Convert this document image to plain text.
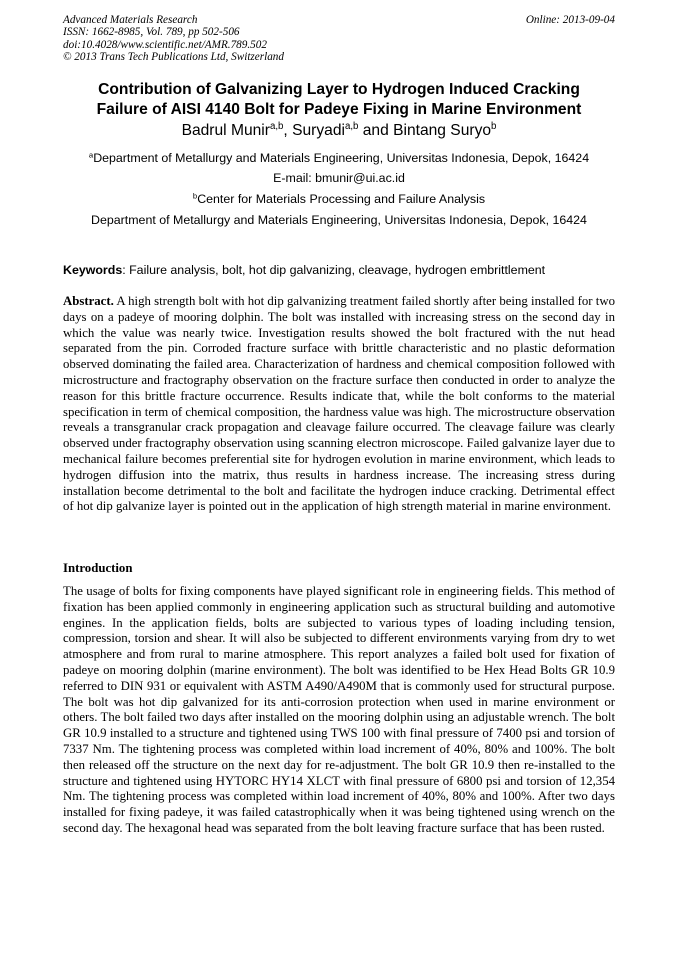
Advanced Materials Research
ISSN: 1662-8985, Vol. 789, pp 502-506
doi:10.4028/www.scientific.net/AMR.789.502
© 2013 Trans Tech Publications Ltd, Switzerland
Online: 2013-09-04
Contribution of Galvanizing Layer to Hydrogen Induced Cracking
Failure of AISI 4140 Bolt for Padeye Fixing in Marine Environment
Badrul Munir$^{a,b}$, Suryadi$^{a,b}$ and Bintang Suryo$^b$
$^a$Department of Metallurgy and Materials Engineering, Universitas Indonesia, Depok, 16424
E-mail: bmunir@ui.ac.id
$^b$Center for Materials Processing and Failure Analysis
Department of Metallurgy and Materials Engineering, Universitas Indonesia, Depok, 16424
Keywords: Failure analysis, bolt, hot dip galvanizing, cleavage, hydrogen embrittlement
Abstract. A high strength bolt with hot dip galvanizing treatment failed shortly after being installed for two days on a padeye of mooring dolphin. The bolt was installed with increasing stress on the second day in which the value was nearly twice. Investigation results showed the bolt fractured with the nut head separated from the pin. Corroded fracture surface with brittle characteristic and no plastic deformation observed dominating the failed area. Characterization of hardness and chemical composition followed with microstructure and fractography observation on the fracture surface then conducted in order to analyze the reason for this brittle fracture occurrence. Results indicate that, while the bolt conforms to the material specification in term of chemical composition, the hardness value was high. The microstructure observation reveals a transgranular crack propagation and cleavage failure occurred. The cleavage failure was clearly observed under fractography observation using scanning electron microscope. Failed galvanize layer due to mechanical failure becomes preferential site for hydrogen evolution in marine environment, which leads to hydrogen diffusion into the matrix, thus results in hardness increase. The increasing stress during installation become detrimental to the bolt and facilitate the hydrogen induce cracking. Detrimental effect of hot dip galvanize layer is pointed out in the application of high strength material in marine environment.
Introduction
The usage of bolts for fixing components have played significant role in engineering fields. This method of fixation has been applied commonly in engineering application such as structural building and automotive engines. In the application fields, bolts are subjected to various types of loading including tension, compression, torsion and shear. It will also be subjected to different environments varying from dry to wet atmosphere and from rural to marine atmosphere. This report analyzes a failed bolt used for fixation of padeye on mooring dolphin (marine environment). The bolt was identified to be Hex Head Bolts GR 10.9 referred to DIN 931 or equivalent with ASTM A490/A490M that is commonly used for structural purpose. The bolt was hot dip galvanized for its anti-corrosion protection when used in marine environment or others. The bolt failed two days after installed on the mooring dolphin using an adjustable wrench. The bolt GR 10.9 installed to a structure and tightened using TWS 100 with final pressure of 7400 psi and torsion of 7337 Nm. The tightening process was completed within load increment of 40%, 80% and 100%. The bolt then released off the structure on the next day for re-adjustment. The bolt GR 10.9 then re-installed to the structure and tightened using HYTORC HY14 XLCT with final pressure of 6800 psi and torsion of 12,354 Nm. The tightening process was completed within load increment of 40%, 80% and 100%. After two days installed for fixing padeye, it was failed catastrophically when it was being tightened using wrench on the second day. The hexagonal head was separated from the bolt leaving fracture surface that has been rusted.
